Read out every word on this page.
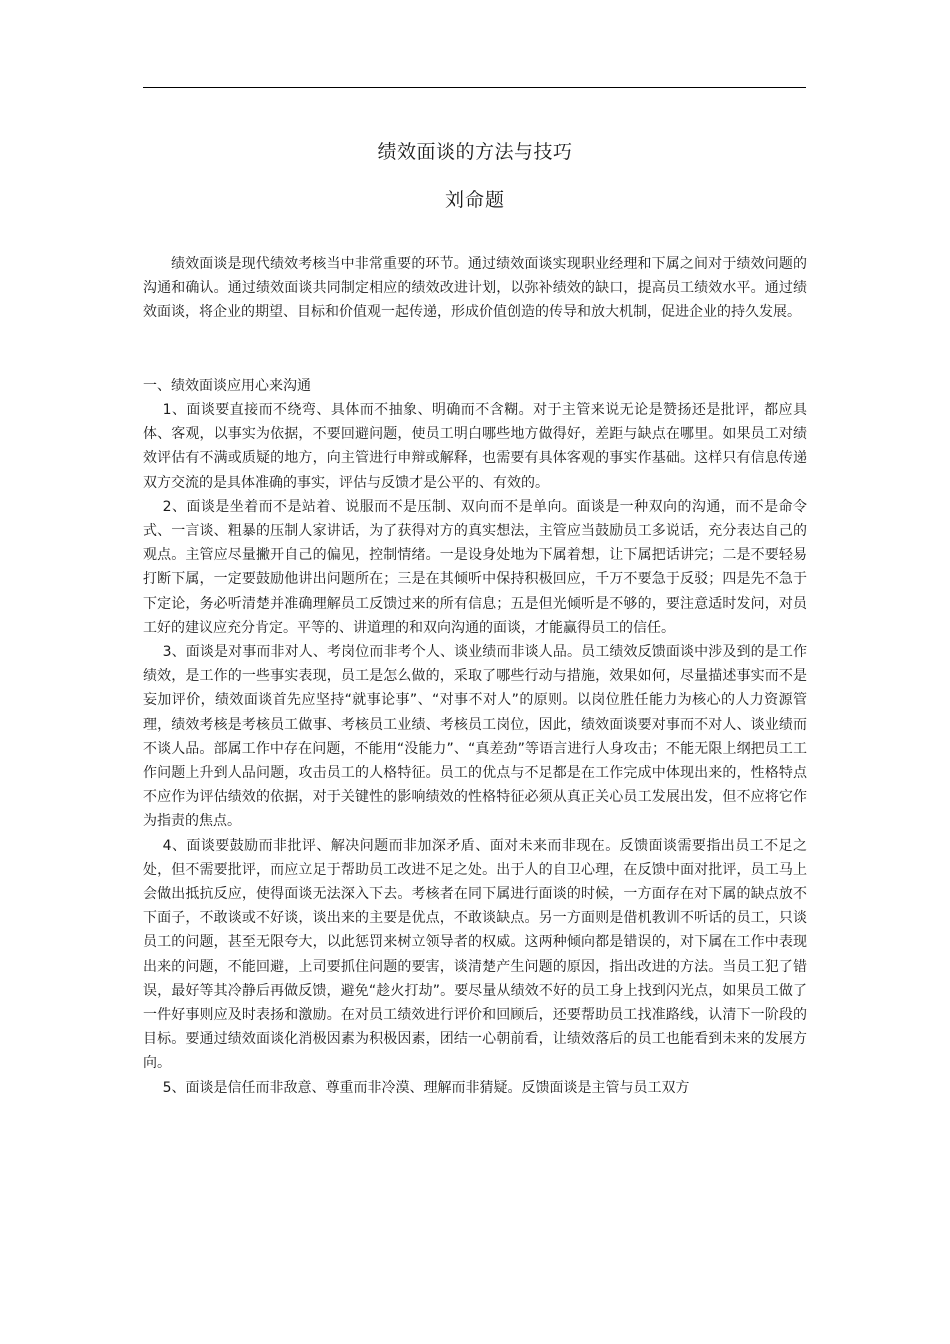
绩效面谈的方法与技巧
刘命题

绩效面谈是现代绩效考核当中非常重要的环节。通过绩效面谈实现职业经理和下属之间对于绩效问题的沟通和确认。通过绩效面谈共同制定相应的绩效改进计划，以弥补绩效的缺口，提高员工绩效水平。通过绩效面谈，将企业的期望、目标和价值观一起传递，形成价值创造的传导和放大机制，促进企业的持久发展。

一、绩效面谈应用心来沟通

1、面谈要直接而不绕弯、具体而不抽象、明确而不含糊。对于主管来说无论是赞扬还是批评，都应具体、客观，以事实为依据，不要回避问题，使员工明白哪些地方做得好，差距与缺点在哪里。如果员工对绩效评估有不满或质疑的地方，向主管进行申辩或解释，也需要有具体客观的事实作基础。这样只有信息传递双方交流的是具体准确的事实，评估与反馈才是公平的、有效的。

2、面谈是坐着而不是站着、说服而不是压制、双向而不是单向。面谈是一种双向的沟通，而不是命令式、一言谈、粗暴的压制人家讲话，为了获得对方的真实想法，主管应当鼓励员工多说话，充分表达自己的观点。主管应尽量撇开自己的偏见，控制情绪。一是设身处地为下属着想，让下属把话讲完；二是不要轻易打断下属，一定要鼓励他讲出问题所在；三是在其倾听中保持积极回应，千万不要急于反驳；四是先不急于下定论，务必听清楚并准确理解员工反馈过来的所有信息；五是但光倾听是不够的，要注意适时发问，对员工好的建议应充分肯定。平等的、讲道理的和双向沟通的面谈，才能赢得员工的信任。

3、面谈是对事而非对人、考岗位而非考个人、谈业绩而非谈人品。员工绩效反馈面谈中涉及到的是工作绩效，是工作的一些事实表现，员工是怎么做的，采取了哪些行动与措施，效果如何，尽量描述事实而不是妄加评价，绩效面谈首先应坚持“就事论事”、“对事不对人”的原则。以岗位胜任能力为核心的人力资源管理，绩效考核是考核员工做事、考核员工业绩、考核员工岗位，因此，绩效面谈要对事而不对人、谈业绩而不谈人品。部属工作中存在问题，不能用“没能力”、“真差劲”等语言进行人身攻击；不能无限上纲把员工工作问题上升到人品问题，攻击员工的人格特征。员工的优点与不足都是在工作完成中体现出来的，性格特点不应作为评估绩效的依据，对于关键性的影响绩效的性格特征必须从真正关心员工发展出发，但不应将它作为指责的焦点。

4、面谈要鼓励而非批评、解决问题而非加深矛盾、面对未来而非现在。反馈面谈需要指出员工不足之处，但不需要批评，而应立足于帮助员工改进不足之处。出于人的自卫心理，在反馈中面对批评，员工马上会做出抵抗反应，使得面谈无法深入下去。考核者在同下属进行面谈的时候，一方面存在对下属的缺点放不下面子，不敢谈或不好谈，谈出来的主要是优点，不敢谈缺点。另一方面则是借机教训不听话的员工，只谈员工的问题，甚至无限夸大，以此惩罚来树立领导者的权威。这两种倾向都是错误的，对下属在工作中表现出来的问题，不能回避，上司要抓住问题的要害，谈清楚产生问题的原因，指出改进的方法。当员工犯了错误，最好等其冷静后再做反馈，避免“趁火打劫”。要尽量从绩效不好的员工身上找到闪光点，如果员工做了一件好事则应及时表扬和激励。在对员工绩效进行评价和回顾后，还要帮助员工找准路线，认清下一阶段的目标。要通过绩效面谈化消极因素为积极因素，团结一心朝前看，让绩效落后的员工也能看到未来的发展方向。

5、面谈是信任而非敌意、尊重而非冷漠、理解而非猜疑。反馈面谈是主管与员工双方
